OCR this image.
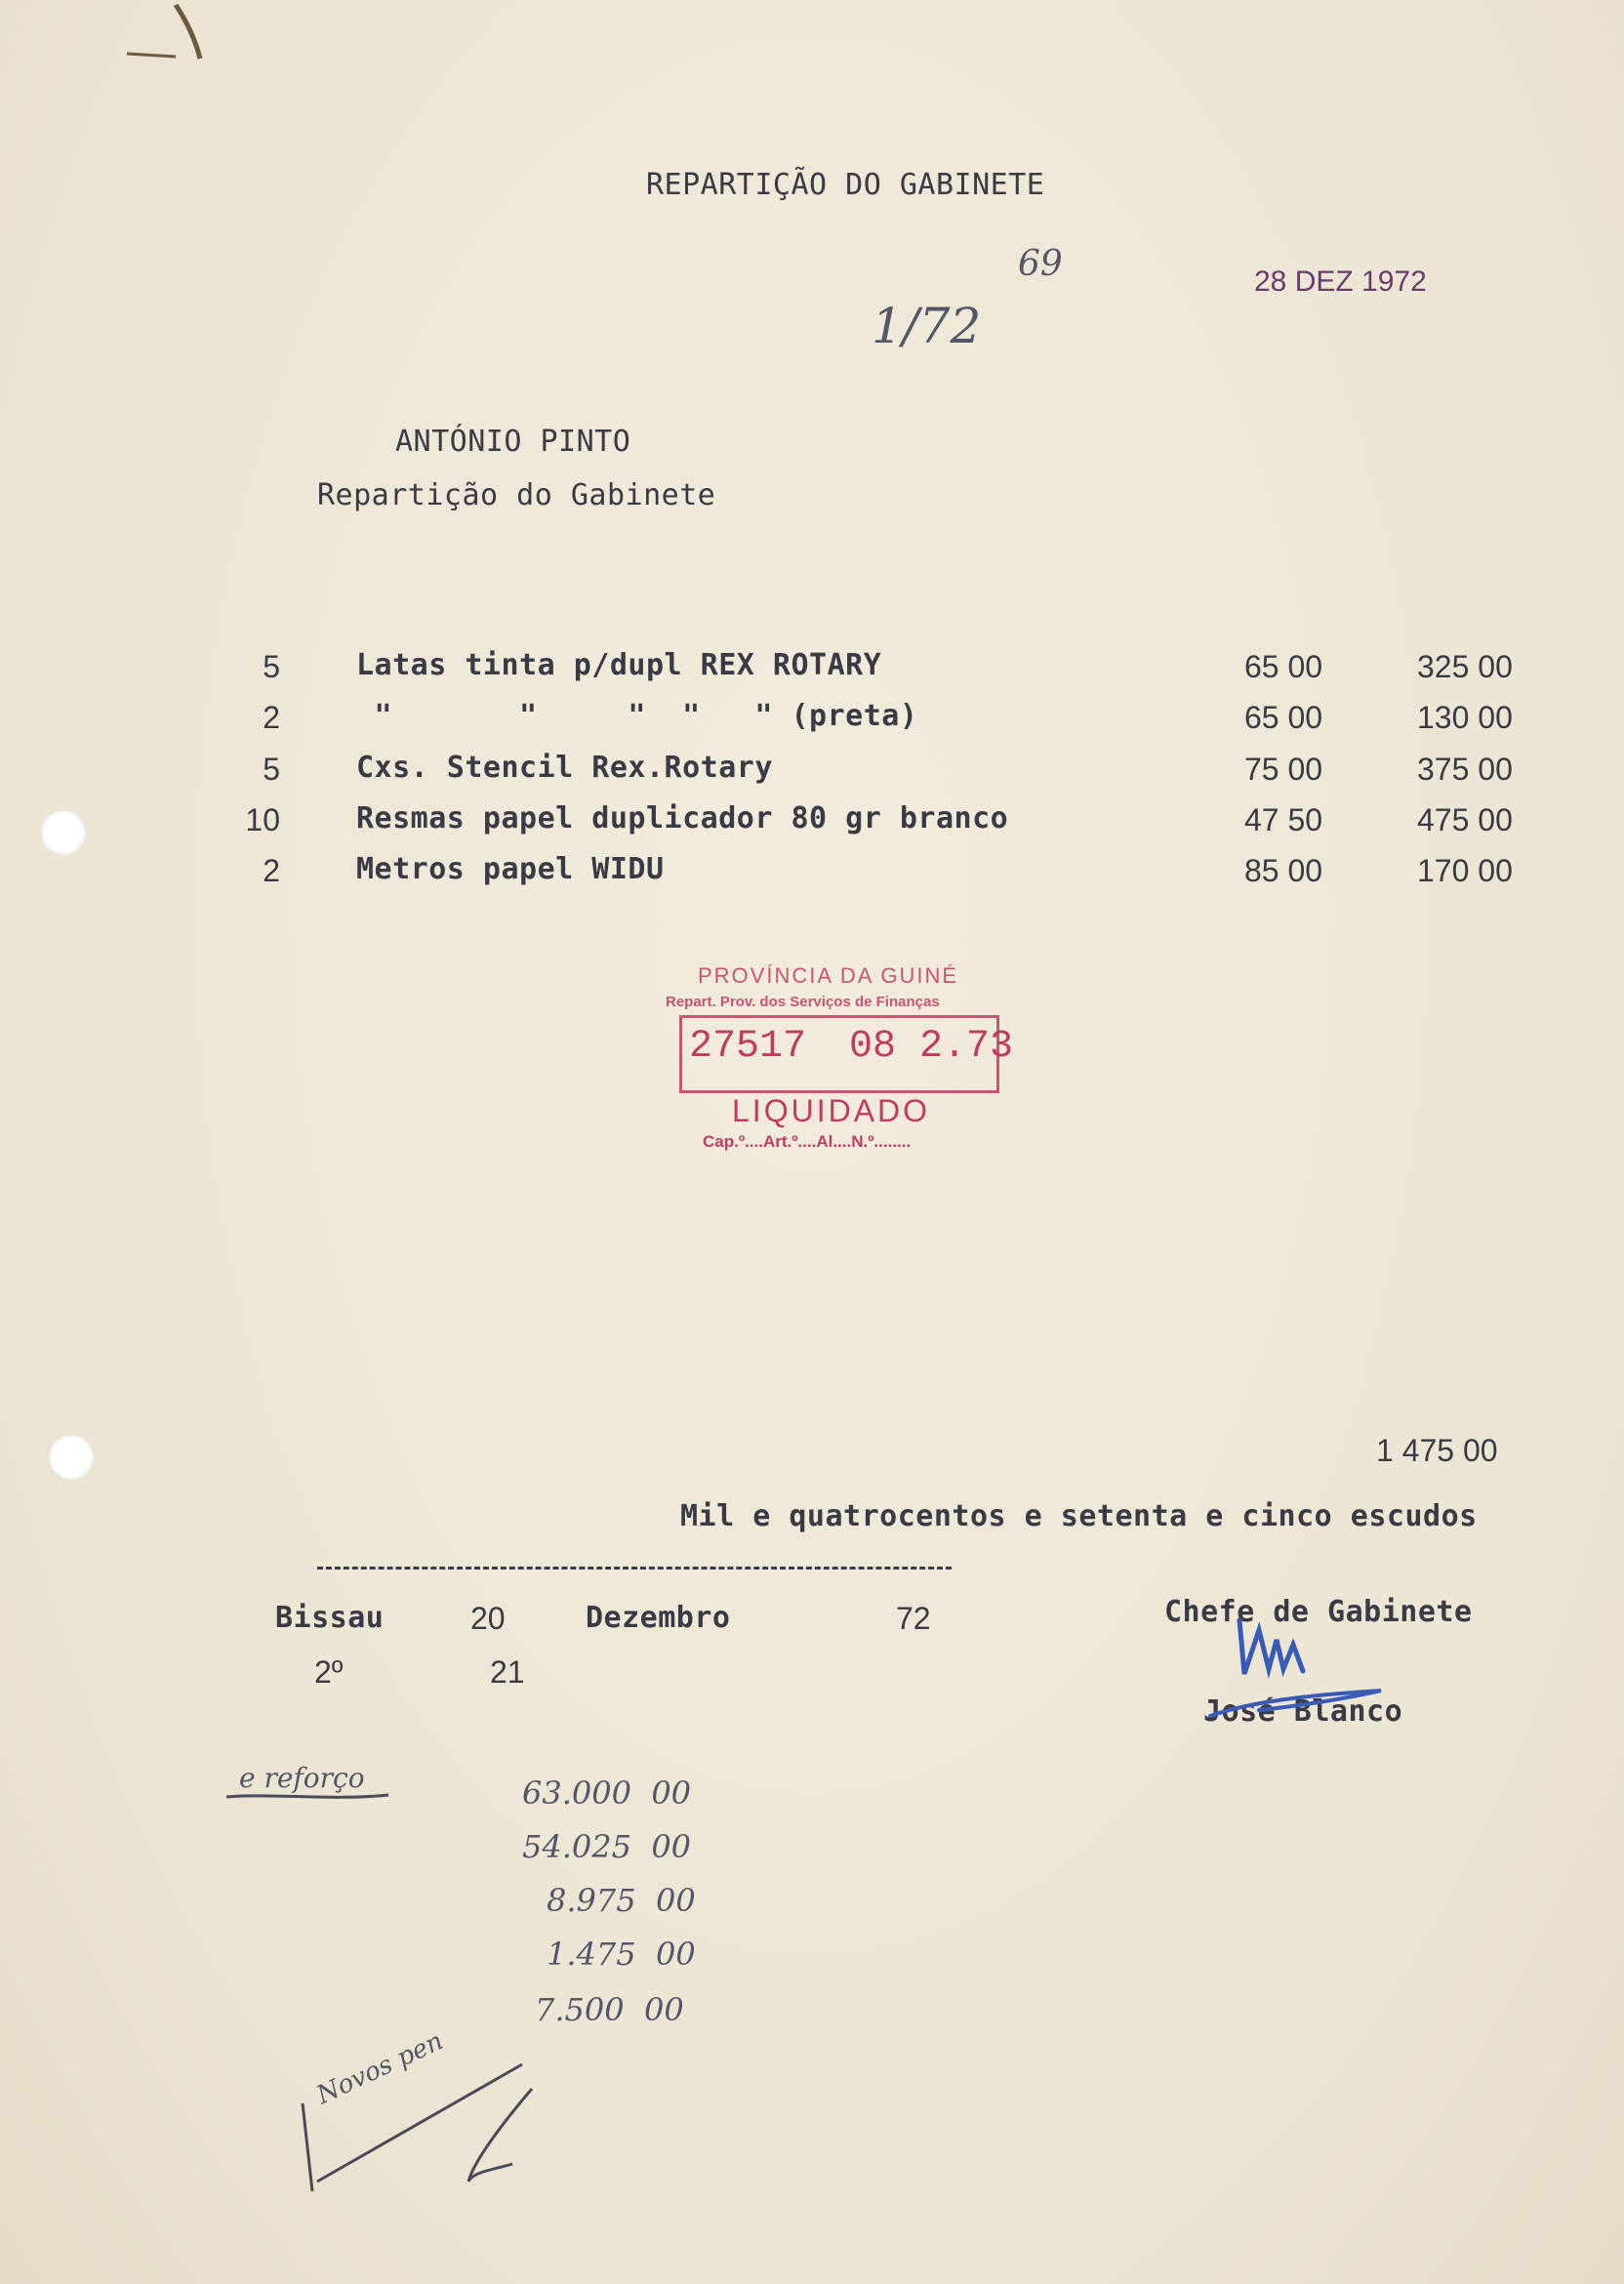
REPARTIÇÃO DO GABINETE
69
1/72
28 DEZ 1972
ANTÓNIO PINTO
Repartição do Gabinete
5	Latas tinta p/dupl REX ROTARY	65 00	325 00
2	"       "     "  "   " (preta)	65 00	130 00
5	Cxs. Stencil Rex.Rotary	75 00	375 00
10	Resmas papel duplicador 80 gr branco	47 50	475 00
2	Metros papel WIDU	85 00	170 00
PROVÍNCIA DA GUINÉ
Repart. Prov. dos Serviços de Finanças
27517 08 2.73
LIQUIDADO
Cap.º....Art.º....Al....N.º........
1 475 00
Mil e quatrocentos e setenta e cinco escudos
Bissau	20	Dezembro	72
2º	21
Chefe de Gabinete
José Blanco
e reforço	63.000  00
54.025  00
8.975  00
1.475  00
7.500  00
Novos pen
